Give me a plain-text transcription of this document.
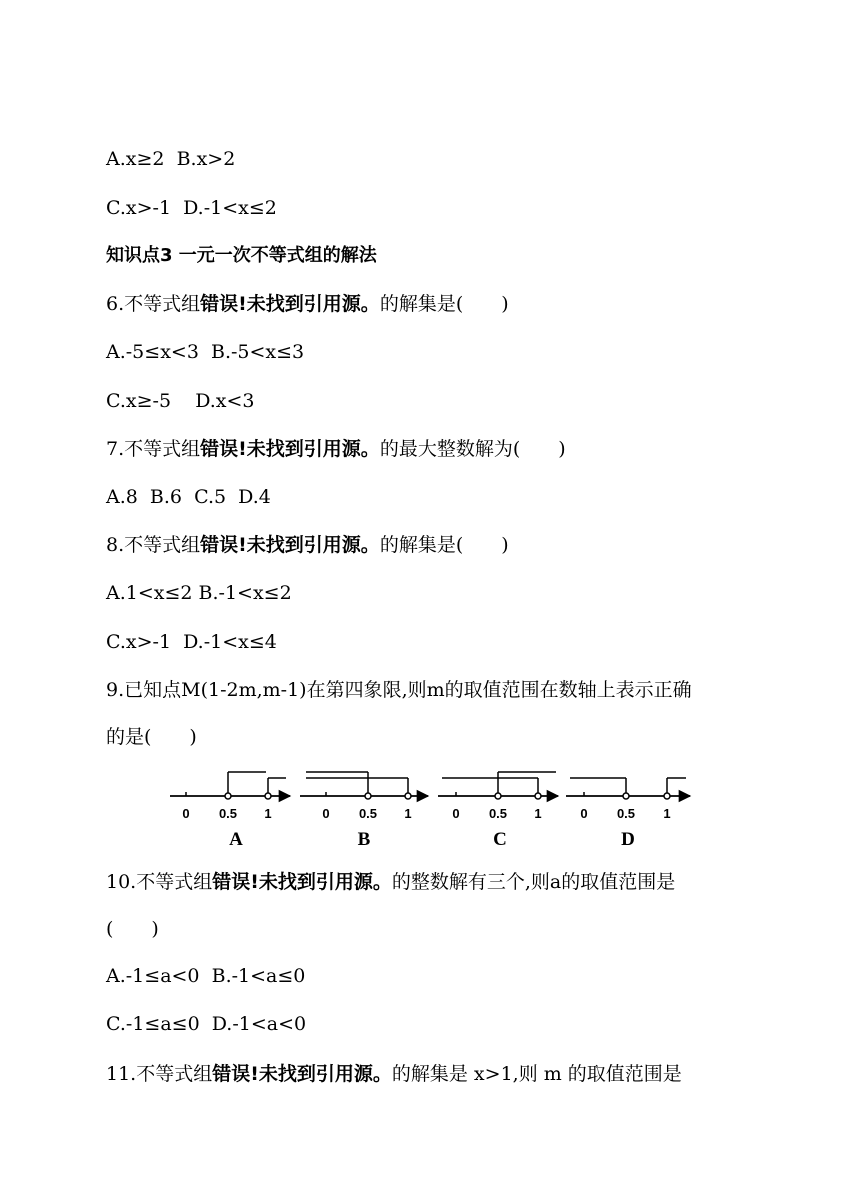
A.x≥2  B.x>2
C.x>-1  D.-1<x≤2
知识点3 一元一次不等式组的解法
6.不等式组错误!未找到引用源。的解集是(　　)
A.-5≤x<3  B.-5<x≤3
C.x≥-5    D.x<3
7.不等式组错误!未找到引用源。的最大整数解为(　　)
A.8  B.6  C.5  D.4
8.不等式组错误!未找到引用源。的解集是(　　)
A.1<x≤2 B.-1<x≤2
C.x>-1  D.-1<x≤4
9.已知点M(1-2m,m-1)在第四象限,则m的取值范围在数轴上表示正确
的是(　　)
0 0.5 1
A
0 0.5 1
B
0 0.5 1
C
0 0.5 1
D
10.不等式组错误!未找到引用源。的整数解有三个,则a的取值范围是
(　　)
A.-1≤a<0  B.-1<a≤0
C.-1≤a≤0  D.-1<a<0
11.不等式组错误!未找到引用源。的解集是 x>1,则 m 的取值范围是
